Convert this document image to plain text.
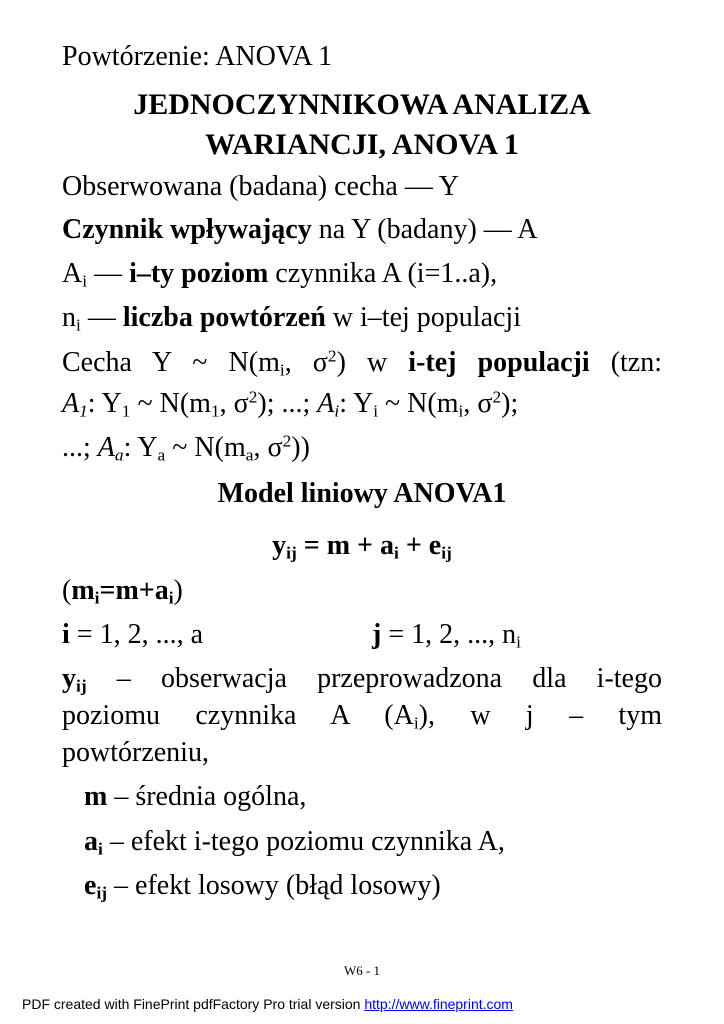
Powtórzenie: ANOVA 1
JEDNOCZYNNIKOWA ANALIZA
WARIANCJI, ANOVA 1
Obserwowana (badana) cecha — Y
Czynnik wpływający na Y (badany) — A
$A_i$ — i–ty poziom czynnika A (i=1..a),
$n_i$ — liczba powtórzeń w i–tej populacji
Cecha Y ~ $N(m_i$, $\sigma^2$) w i-tej populacji (tzn:
$A_1$: $Y_1$ ~ $N(m_1$, $\sigma^2$); ...; $A_i$: $Y_i$ ~ $N(m_i$, $\sigma^2$);
...; $A_a$: $Y_a$ ~ $N(m_a$, $\sigma^2$))
Model liniowy ANOVA1
$y_{ij} = m + a_i + e_{ij}$
$(m_i=m+a_i)$
i = 1, 2, ..., a	j = 1, 2, ..., $n_i$
$y_{ij}$ – obserwacja przeprowadzona dla i-tego
poziomu czynnika A $(A_i)$, w j – tym
powtórzeniu,
m – średnia ogólna,
$a_i$ – efekt i-tego poziomu czynnika A,
$e_{ij}$ – efekt losowy (błąd losowy)
W6 - 1
PDF created with FinePrint pdfFactory Pro trial version http://www.fineprint.com
